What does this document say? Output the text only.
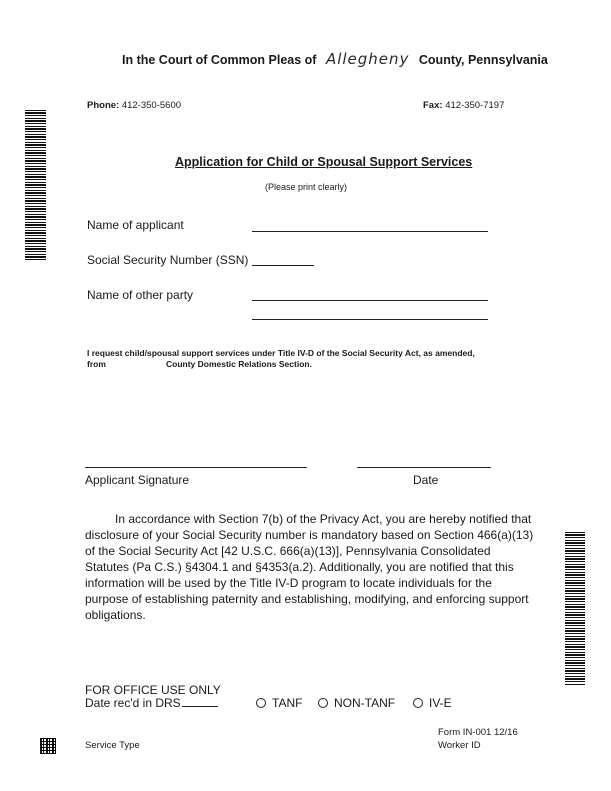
In the Court of Common Pleas of Allegheny County, Pennsylvania
Phone: 412-350-5600	Fax: 412-350-7197
Application for Child or Spousal Support Services
(Please print clearly)
Name of applicant
Social Security Number (SSN)
Name of other party
I request child/spousal support services under Title IV-D of the Social Security Act, as amended,
from	County Domestic Relations Section.
Applicant Signature	Date
In accordance with Section 7(b) of the Privacy Act, you are hereby notified that disclosure of your Social Security number is mandatory based on Section 466(a)(13) of the Social Security Act [42 U.S.C. 666(a)(13)], Pennsylvania Consolidated Statutes (Pa C.S.) §4304.1 and §4353(a.2). Additionally, you are notified that this information will be used by the Title IV-D program to locate individuals for the purpose of establishing paternity and establishing, modifying, and enforcing support obligations.
FOR OFFICE USE ONLY
Date rec'd in DRS	TANF	NON-TANF	IV-E
Form IN-001 12/16
Service Type	Worker ID
